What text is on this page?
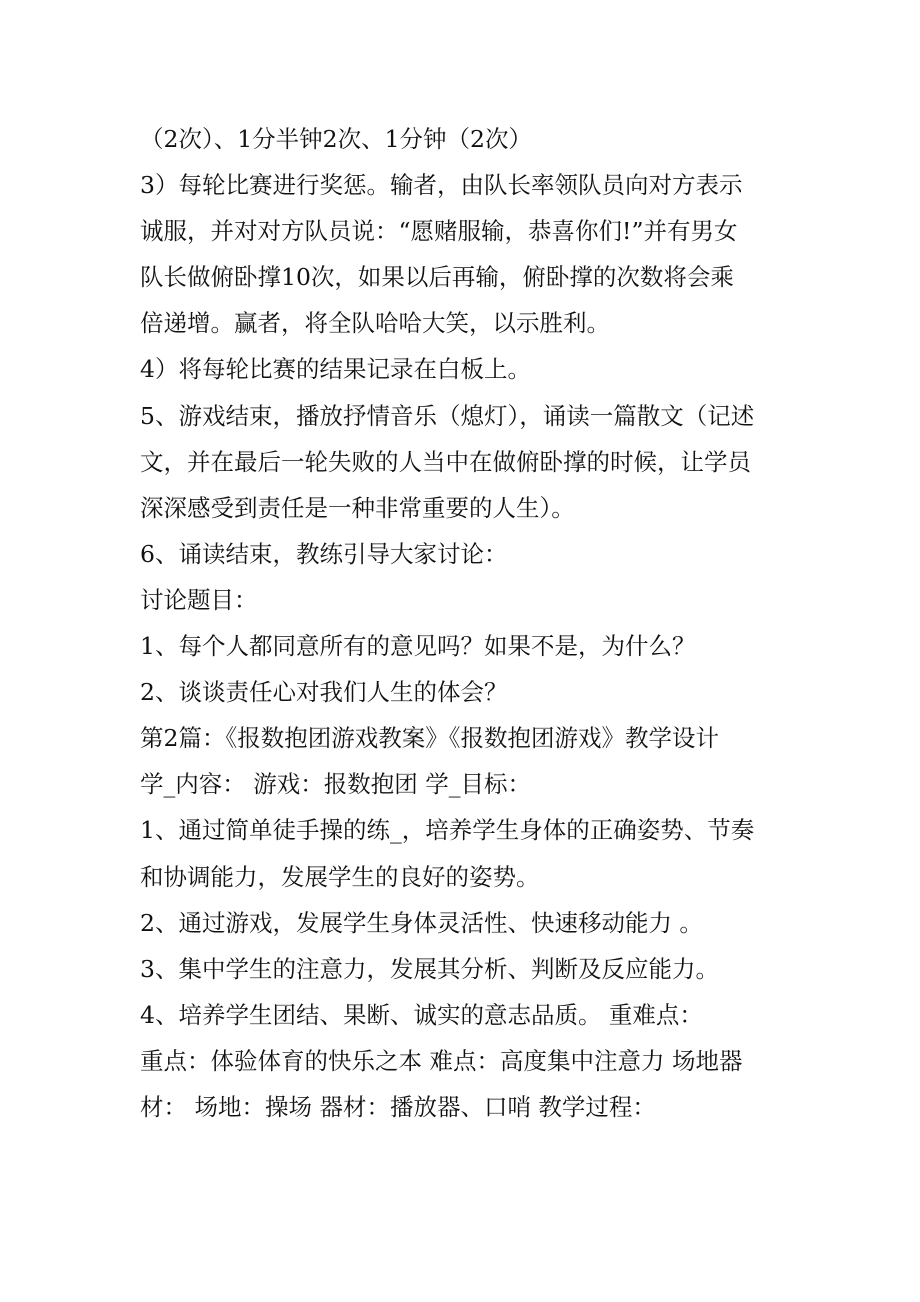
（2次）、1分半钟2次、1分钟（2次）
3）每轮比赛进行奖惩。输者，由队长率领队员向对方表示
诚服，并对对方队员说：“愿赌服输，恭喜你们!”并有男女
队长做俯卧撑10次，如果以后再输，俯卧撑的次数将会乘
倍递增。赢者，将全队哈哈大笑，以示胜利。
4）将每轮比赛的结果记录在白板上。
5、游戏结束，播放抒情音乐（熄灯），诵读一篇散文（记述
文，并在最后一轮失败的人当中在做俯卧撑的时候，让学员
深深感受到责任是一种非常重要的人生）。
6、诵读结束，教练引导大家讨论：
讨论题目：
1、每个人都同意所有的意见吗？如果不是，为什么？
2、谈谈责任心对我们人生的体会？
第2篇：《报数抱团游戏教案》《报数抱团游戏》教学设计
学_内容： 游戏：报数抱团 学_目标：
1、通过简单徒手操的练_，培养学生身体的正确姿势、节奏
和协调能力，发展学生的良好的姿势。
2、通过游戏，发展学生身体灵活性、快速移动能力 。
3、集中学生的注意力，发展其分析、判断及反应能力。
4、培养学生团结、果断、诚实的意志品质。 重难点：
重点：体验体育的快乐之本 难点：高度集中注意力 场地器
材： 场地：操场 器材：播放器、口哨 教学过程：
